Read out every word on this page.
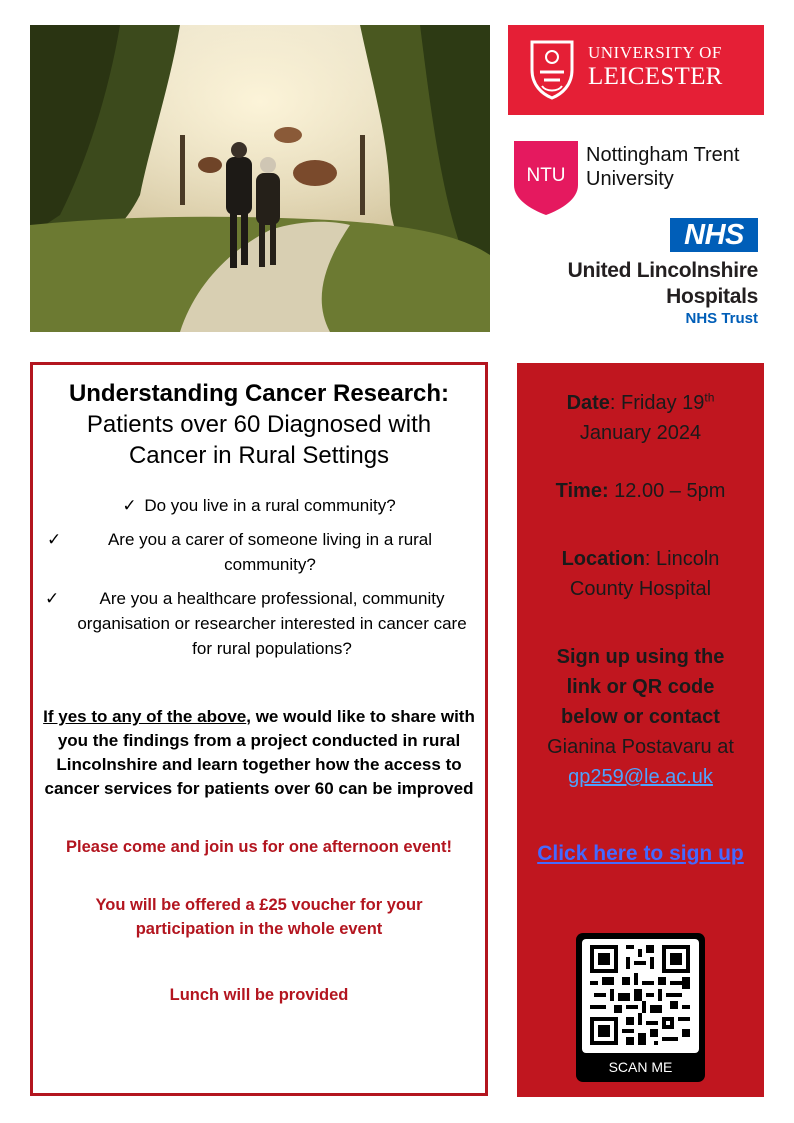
UNIVERSITY OF
LEICESTER
NTU
Nottingham Trent
University
NHS
United Lincolnshire
Hospitals
NHS Trust
Understanding Cancer Research:
Patients over 60 Diagnosed with Cancer in Rural Settings
✓ Do you live in a rural community?
✓	Are you a carer of someone living in a rural community?
✓	Are you a healthcare professional, community organisation or researcher interested in cancer care for rural populations?

If yes to any of the above, we would like to share with you the findings from a project conducted in rural Lincolnshire and learn together how the access to cancer services for patients over 60 can be improved

Please come and join us for one afternoon event!
You will be offered a £25 voucher for your participation in the whole event
Lunch will be provided
Date: Friday 19th
January 2024
Time: 12.00 – 5pm
Location: Lincoln
County Hospital
Sign up using the link or QR code below or contact
Gianina Postavaru at
gp259@le.ac.uk
Click here to sign up
SCAN ME
